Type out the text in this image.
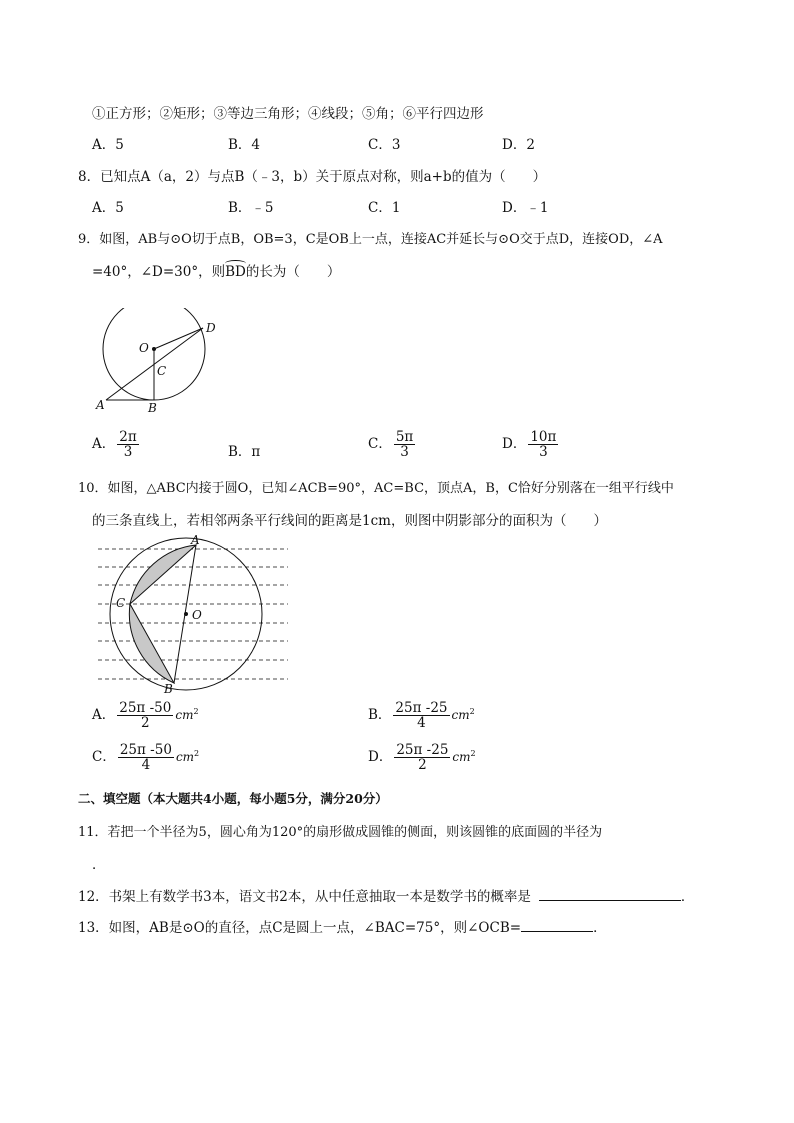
①正方形；②矩形；③等边三角形；④线段；⑤角；⑥平行四边形
A．5	B．4	C．3	D．2
8．已知点A（a，2）与点B（﹣3，b）关于原点对称，则a+b的值为（　　）
A．5	B．﹣5	C．1	D．﹣1
9．如图，AB与⊙O切于点B，OB=3，C是OB上一点，连接AC并延长与⊙O交于点D，连接OD，∠A
=40°，∠D=30°，则BD的长为（　　）
O
C
D
A	B
A． $\frac{2\pi}{3}$	B．π	C． $\frac{5\pi}{3}$	D． $\frac{10\pi}{3}$
10．如图，△ABC内接于圆O，已知∠ACB=90°，AC=BC，顶点A，B，C恰好分别落在一组平行线中
的三条直线上，若相邻两条平行线间的距离是1cm，则图中阴影部分的面积为（　　）
A
B
C
O
A． $\frac{25\pi -50}{2} cm^2$	B． $\frac{25\pi -25}{4} cm^2$
C． $\frac{25\pi -50}{4} cm^2$	D． $\frac{25\pi -25}{2} cm^2$
二、填空题（本大题共4小题，每小题5分，满分20分）
11．若把一个半径为5，圆心角为120°的扇形做成圆锥的侧面，则该圆锥的底面圆的半径为
．
12．书架上有数学书3本，语文书2本，从中任意抽取一本是数学书的概率是	．
13．如图，AB是⊙O的直径，点C是圆上一点，∠BAC=75°，则∠OCB=	．
